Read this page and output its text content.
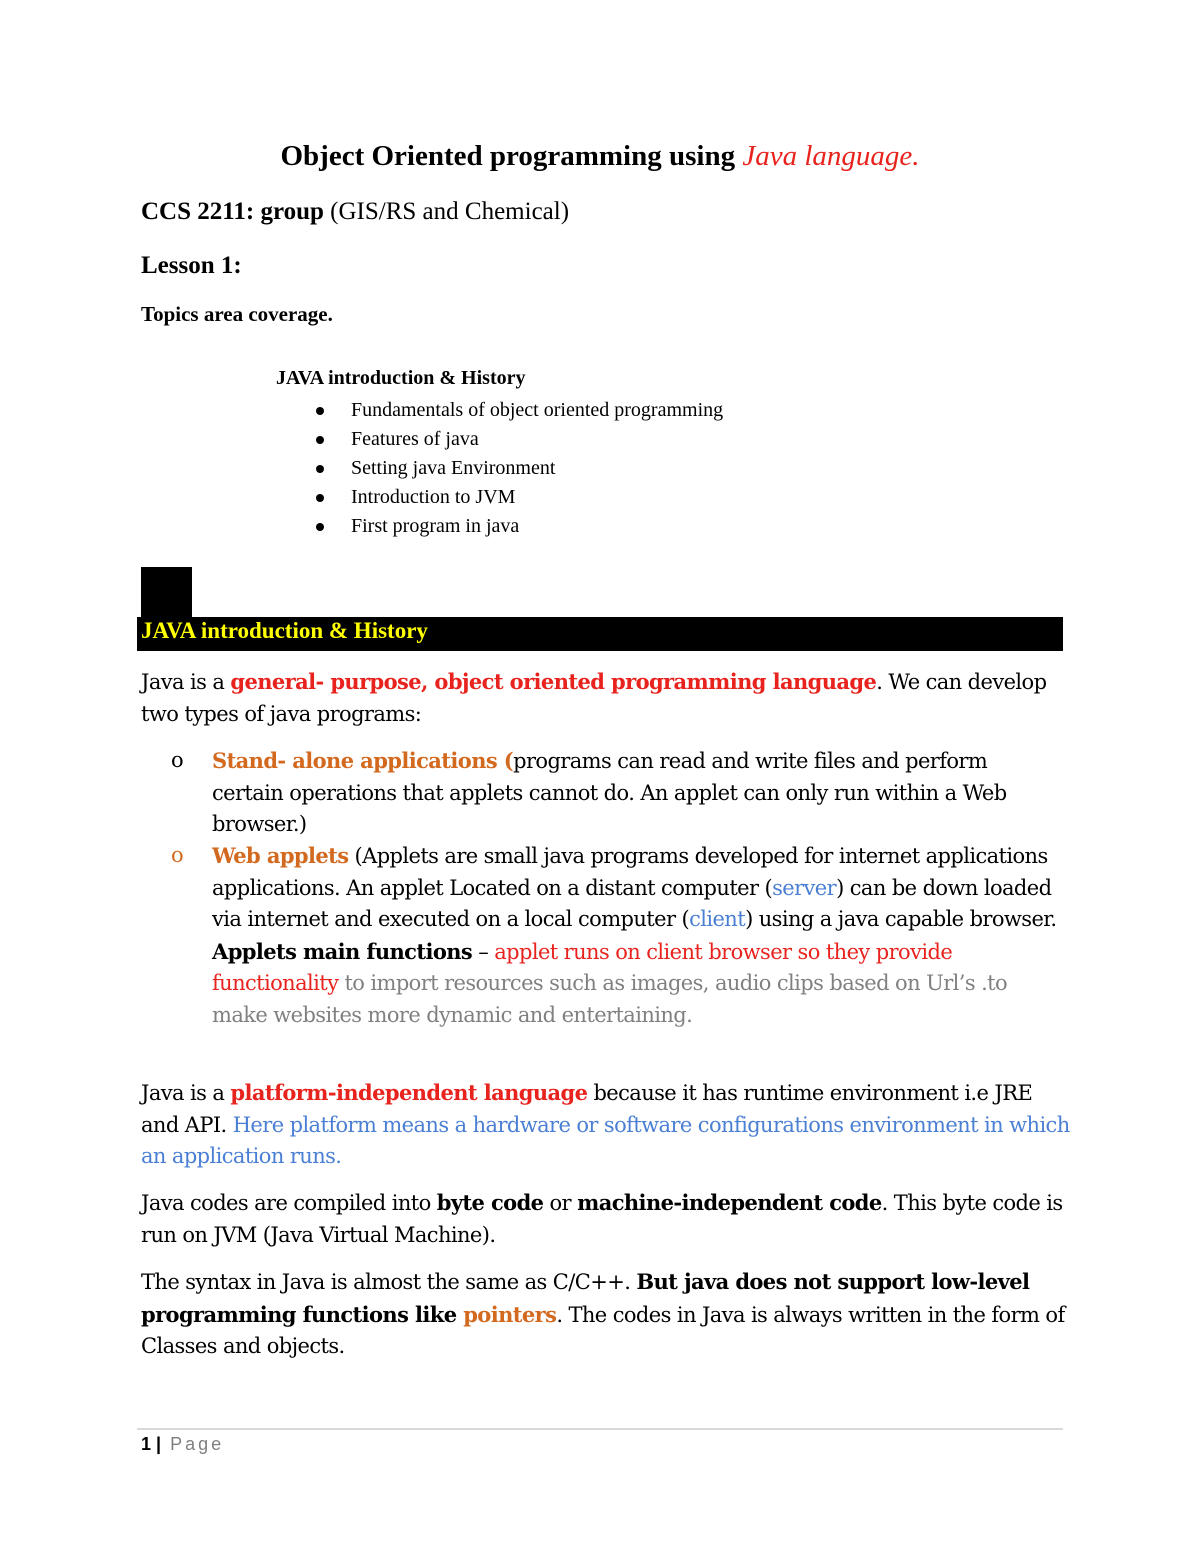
Object Oriented programming using Java language.
CCS 2211: group (GIS/RS and Chemical)
Lesson 1:
Topics area coverage.
JAVA introduction & History
Fundamentals of object oriented programming
Features of java
Setting java Environment
Introduction to JVM
First program in java
JAVA introduction & History

Java is a general- purpose, object oriented programming language. We can develop two types of java programs:

o	Stand- alone applications (programs can read and write files and perform certain operations that applets cannot do. An applet can only run within a Web browser.)
o	Web applets (Applets are small java programs developed for internet applications applications. An applet Located on a distant computer (server) can be down loaded via internet and executed on a local computer (client) using a java capable browser.
Applets main functions – applet runs on client browser so they provide functionality to import resources such as images, audio clips based on Url’s .to make websites more dynamic and entertaining.

Java is a platform-independent language because it has runtime environment i.e JRE and API. Here platform means a hardware or software configurations environment in which an application runs.

Java codes are compiled into byte code or machine-independent code. This byte code is run on JVM (Java Virtual Machine).

The syntax in Java is almost the same as C/C++. But java does not support low-level programming functions like pointers. The codes in Java is always written in the form of Classes and objects.

1 | Page
